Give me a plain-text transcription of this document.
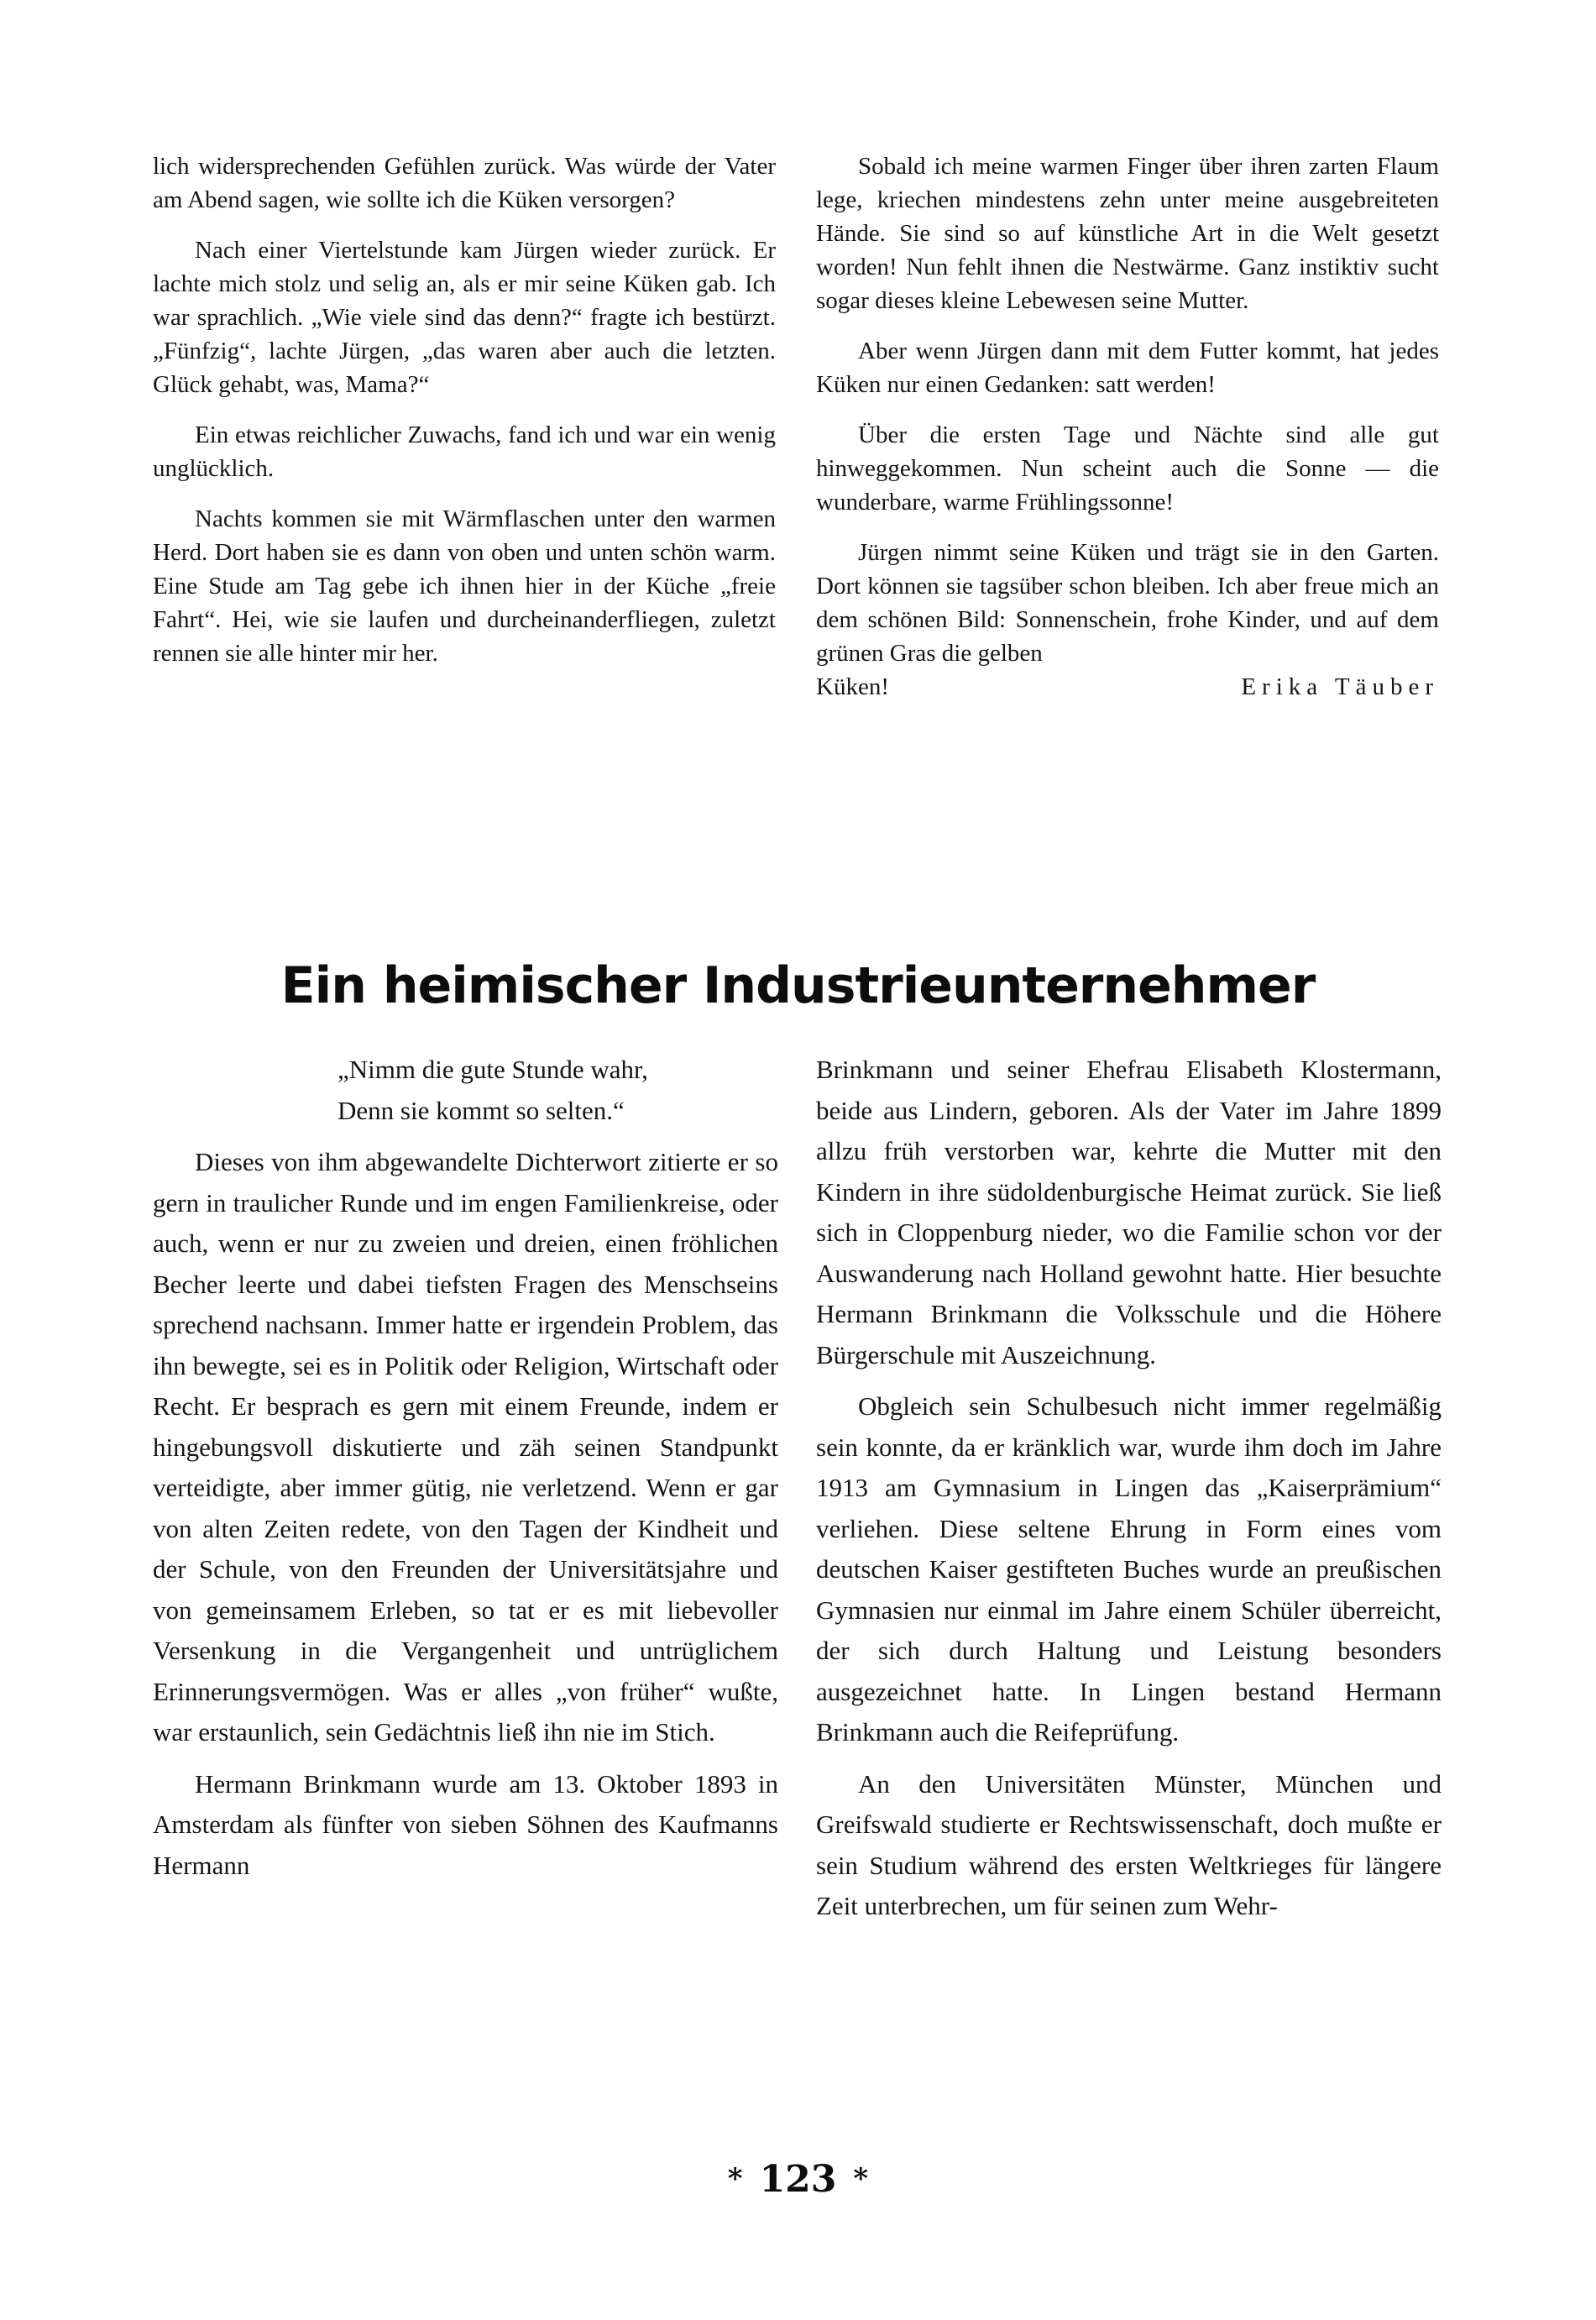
lich widersprechenden Gefühlen zurück. Was würde der Vater am Abend sagen, wie sollte ich die Küken versorgen?

Nach einer Viertelstunde kam Jürgen wieder zurück. Er lachte mich stolz und selig an, als er mir seine Küken gab. Ich war sprachlich. „Wie viele sind das denn?“ fragte ich bestürzt. „Fünfzig“, lachte Jürgen, „das waren aber auch die letzten. Glück gehabt, was, Mama?“

Ein etwas reichlicher Zuwachs, fand ich und war ein wenig unglücklich.

Nachts kommen sie mit Wärmflaschen unter den warmen Herd. Dort haben sie es dann von oben und unten schön warm. Eine Stude am Tag gebe ich ihnen hier in der Küche „freie Fahrt“. Hei, wie sie laufen und durcheinanderfliegen, zuletzt rennen sie alle hinter mir her.

Sobald ich meine warmen Finger über ihren zarten Flaum lege, kriechen mindestens zehn unter meine ausgebreiteten Hände. Sie sind so auf künstliche Art in die Welt gesetzt worden! Nun fehlt ihnen die Nestwärme. Ganz instiktiv sucht sogar dieses kleine Lebewesen seine Mutter.

Aber wenn Jürgen dann mit dem Futter kommt, hat jedes Küken nur einen Gedanken: satt werden!

Über die ersten Tage und Nächte sind alle gut hinweggekommen. Nun scheint auch die Sonne — die wunderbare, warme Frühlingssonne!

Jürgen nimmt seine Küken und trägt sie in den Garten. Dort können sie tagsüber schon bleiben. Ich aber freue mich an dem schönen Bild: Sonnenschein, frohe Kinder, und auf dem grünen Gras die gelben

Küken!	Erika Täuber
Ein heimischer Industrieunternehmer

„Nimm die gute Stunde wahr,
Denn sie kommt so selten.“

Dieses von ihm abgewandelte Dichterwort zitierte er so gern in traulicher Runde und im engen Familienkreise, oder auch, wenn er nur zu zweien und dreien, einen fröhlichen Becher leerte und dabei tiefsten Fragen des Menschseins sprechend nachsann. Immer hatte er irgendein Problem, das ihn bewegte, sei es in Politik oder Religion, Wirtschaft oder Recht. Er besprach es gern mit einem Freunde, indem er hingebungsvoll diskutierte und zäh seinen Standpunkt verteidigte, aber immer gütig, nie verletzend. Wenn er gar von alten Zeiten redete, von den Tagen der Kindheit und der Schule, von den Freunden der Universitätsjahre und von gemeinsamem Erleben, so tat er es mit liebevoller Versenkung in die Vergangenheit und untrüglichem Erinnerungsvermögen. Was er alles „von früher“ wußte, war erstaunlich, sein Gedächtnis ließ ihn nie im Stich.

Hermann Brinkmann wurde am 13. Oktober 1893 in Amsterdam als fünfter von sieben Söhnen des Kaufmanns Hermann

Brinkmann und seiner Ehefrau Elisabeth Klostermann, beide aus Lindern, geboren. Als der Vater im Jahre 1899 allzu früh verstorben war, kehrte die Mutter mit den Kindern in ihre südoldenburgische Heimat zurück. Sie ließ sich in Cloppenburg nieder, wo die Familie schon vor der Auswanderung nach Holland gewohnt hatte. Hier besuchte Hermann Brinkmann die Volksschule und die Höhere Bürgerschule mit Auszeichnung.

Obgleich sein Schulbesuch nicht immer regelmäßig sein konnte, da er kränklich war, wurde ihm doch im Jahre 1913 am Gymnasium in Lingen das „Kaiserprämium“ verliehen. Diese seltene Ehrung in Form eines vom deutschen Kaiser gestifteten Buches wurde an preußischen Gymnasien nur einmal im Jahre einem Schüler überreicht, der sich durch Haltung und Leistung besonders ausgezeichnet hatte. In Lingen bestand Hermann Brinkmann auch die Reifeprüfung.

An den Universitäten Münster, München und Greifswald studierte er Rechtswissenschaft, doch mußte er sein Studium während des ersten Weltkrieges für längere Zeit unterbrechen, um für seinen zum Wehr-

* 123 *
